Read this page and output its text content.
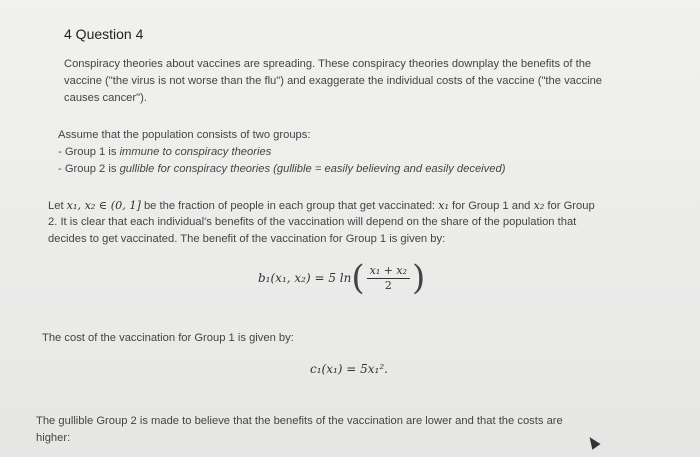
4 Question 4
Conspiracy theories about vaccines are spreading. These conspiracy theories downplay the benefits of the
vaccine ("the virus is not worse than the flu") and exaggerate the individual costs of the vaccine ("the vaccine
causes cancer").
Assume that the population consists of two groups:
- Group 1 is immune to conspiracy theories
- Group 2 is gullible for conspiracy theories (gullible = easily believing and easily deceived)
Let x₁, x₂ ∈ (0, 1] be the fraction of people in each group that get vaccinated: x₁ for Group 1 and x₂ for Group
2. It is clear that each individual's benefits of the vaccination will depend on the share of the population that
decides to get vaccinated. The benefit of the vaccination for Group 1 is given by:
b₁(x₁, x₂) = 5 ln ( $\frac{\text{x₁ + x₂}}{2}$ )
The cost of the vaccination for Group 1 is given by:
c₁(x₁) = 5x₁².
The gullible Group 2 is made to believe that the benefits of the vaccination are lower and that the costs are
higher:
